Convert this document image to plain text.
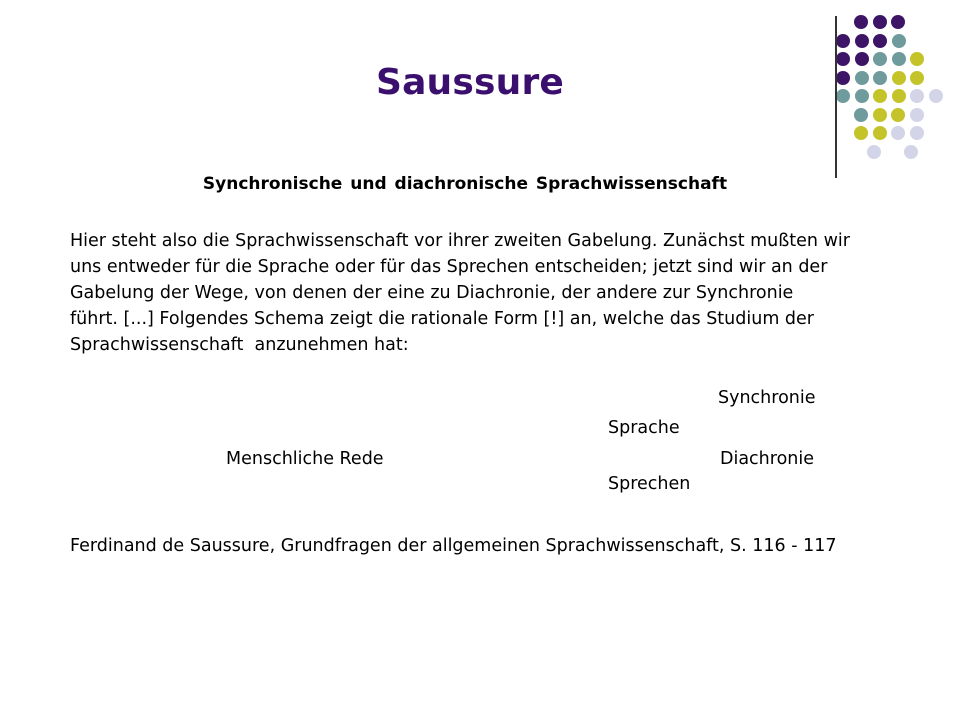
Saussure
Synchronische und diachronische Sprachwissenschaft
Hier steht also die Sprachwissenschaft vor ihrer zweiten Gabelung. Zunächst mußten wir
uns entweder für die Sprache oder für das Sprechen entscheiden; jetzt sind wir an der
Gabelung der Wege, von denen der eine zu Diachronie, der andere zur Synchronie
führt. [...] Folgendes Schema zeigt die rationale Form [!] an, welche das Studium der
Sprachwissenschaft  anzunehmen hat:
Synchronie
Sprache
Menschliche Rede	Diachronie
Sprechen
Ferdinand de Saussure, Grundfragen der allgemeinen Sprachwissenschaft, S. 116 - 117
